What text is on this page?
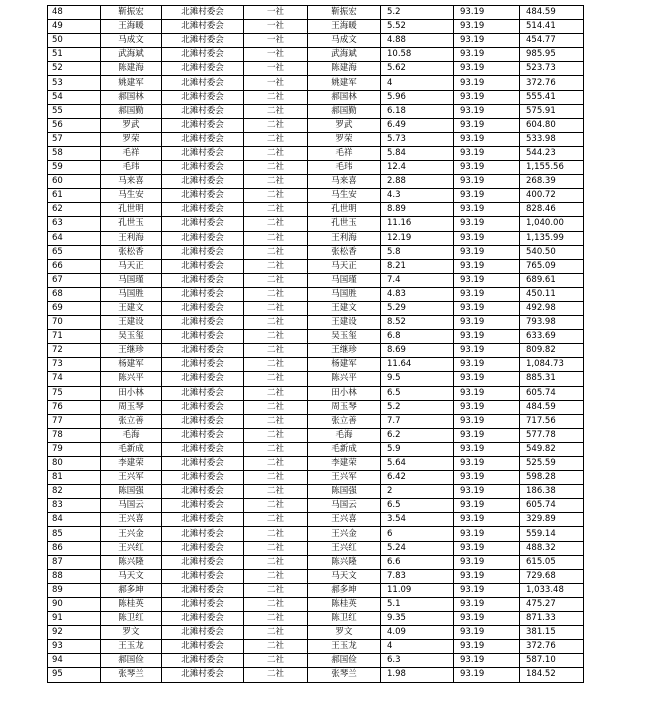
48	靳振宏	北滩村委会	一社	靳振宏	5.2	93.19	484.59
49	王海暖	北滩村委会	一社	王海暖	5.52	93.19	514.41
50	马成文	北滩村委会	一社	马成文	4.88	93.19	454.77
51	武海斌	北滩村委会	一社	武海斌	10.58	93.19	985.95
52	陈建海	北滩村委会	一社	陈建海	5.62	93.19	523.73
53	姚建军	北滩村委会	一社	姚建军	4	93.19	372.76
54	郝国林	北滩村委会	二社	郝国林	5.96	93.19	555.41
55	郝国勤	北滩村委会	二社	郝国勤	6.18	93.19	575.91
56	罗武	北滩村委会	二社	罗武	6.49	93.19	604.80
57	罗荣	北滩村委会	二社	罗荣	5.73	93.19	533.98
58	毛祥	北滩村委会	二社	毛祥	5.84	93.19	544.23
59	毛玮	北滩村委会	二社	毛玮	12.4	93.19	1,155.56
60	马来喜	北滩村委会	二社	马来喜	2.88	93.19	268.39
61	马生安	北滩村委会	二社	马生安	4.3	93.19	400.72
62	孔世明	北滩村委会	二社	孔世明	8.89	93.19	828.46
63	孔世玉	北滩村委会	二社	孔世玉	11.16	93.19	1,040.00
64	王利海	北滩村委会	二社	王利海	12.19	93.19	1,135.99
65	张松香	北滩村委会	二社	张松香	5.8	93.19	540.50
66	马天正	北滩村委会	二社	马天正	8.21	93.19	765.09
67	马国瑾	北滩村委会	二社	马国瑾	7.4	93.19	689.61
68	马国胜	北滩村委会	二社	马国胜	4.83	93.19	450.11
69	王建文	北滩村委会	二社	王建文	5.29	93.19	492.98
70	王建设	北滩村委会	二社	王建设	8.52	93.19	793.98
71	吴玉玺	北滩村委会	二社	吴玉玺	6.8	93.19	633.69
72	王继珍	北滩村委会	二社	王继珍	8.69	93.19	809.82
73	杨建军	北滩村委会	二社	杨建军	11.64	93.19	1,084.73
74	陈兴平	北滩村委会	二社	陈兴平	9.5	93.19	885.31
75	田小林	北滩村委会	二社	田小林	6.5	93.19	605.74
76	周玉琴	北滩村委会	二社	周玉琴	5.2	93.19	484.59
77	张立善	北滩村委会	二社	张立善	7.7	93.19	717.56
78	毛海	北滩村委会	二社	毛海	6.2	93.19	577.78
79	毛新成	北滩村委会	二社	毛新成	5.9	93.19	549.82
80	李建荣	北滩村委会	二社	李建荣	5.64	93.19	525.59
81	王兴军	北滩村委会	二社	王兴军	6.42	93.19	598.28
82	陈国强	北滩村委会	二社	陈国强	2	93.19	186.38
83	马国云	北滩村委会	二社	马国云	6.5	93.19	605.74
84	王兴喜	北滩村委会	二社	王兴喜	3.54	93.19	329.89
85	王兴金	北滩村委会	二社	王兴金	6	93.19	559.14
86	王兴红	北滩村委会	二社	王兴红	5.24	93.19	488.32
87	陈兴隆	北滩村委会	二社	陈兴隆	6.6	93.19	615.05
88	马天文	北滩村委会	二社	马天文	7.83	93.19	729.68
89	郝多坤	北滩村委会	二社	郝多坤	11.09	93.19	1,033.48
90	陈桂英	北滩村委会	二社	陈桂英	5.1	93.19	475.27
91	陈卫红	北滩村委会	二社	陈卫红	9.35	93.19	871.33
92	罗文	北滩村委会	二社	罗文	4.09	93.19	381.15
93	王玉龙	北滩村委会	二社	王玉龙	4	93.19	372.76
94	郝国俭	北滩村委会	二社	郝国俭	6.3	93.19	587.10
95	张琴兰	北滩村委会	二社	张琴兰	1.98	93.19	184.52
